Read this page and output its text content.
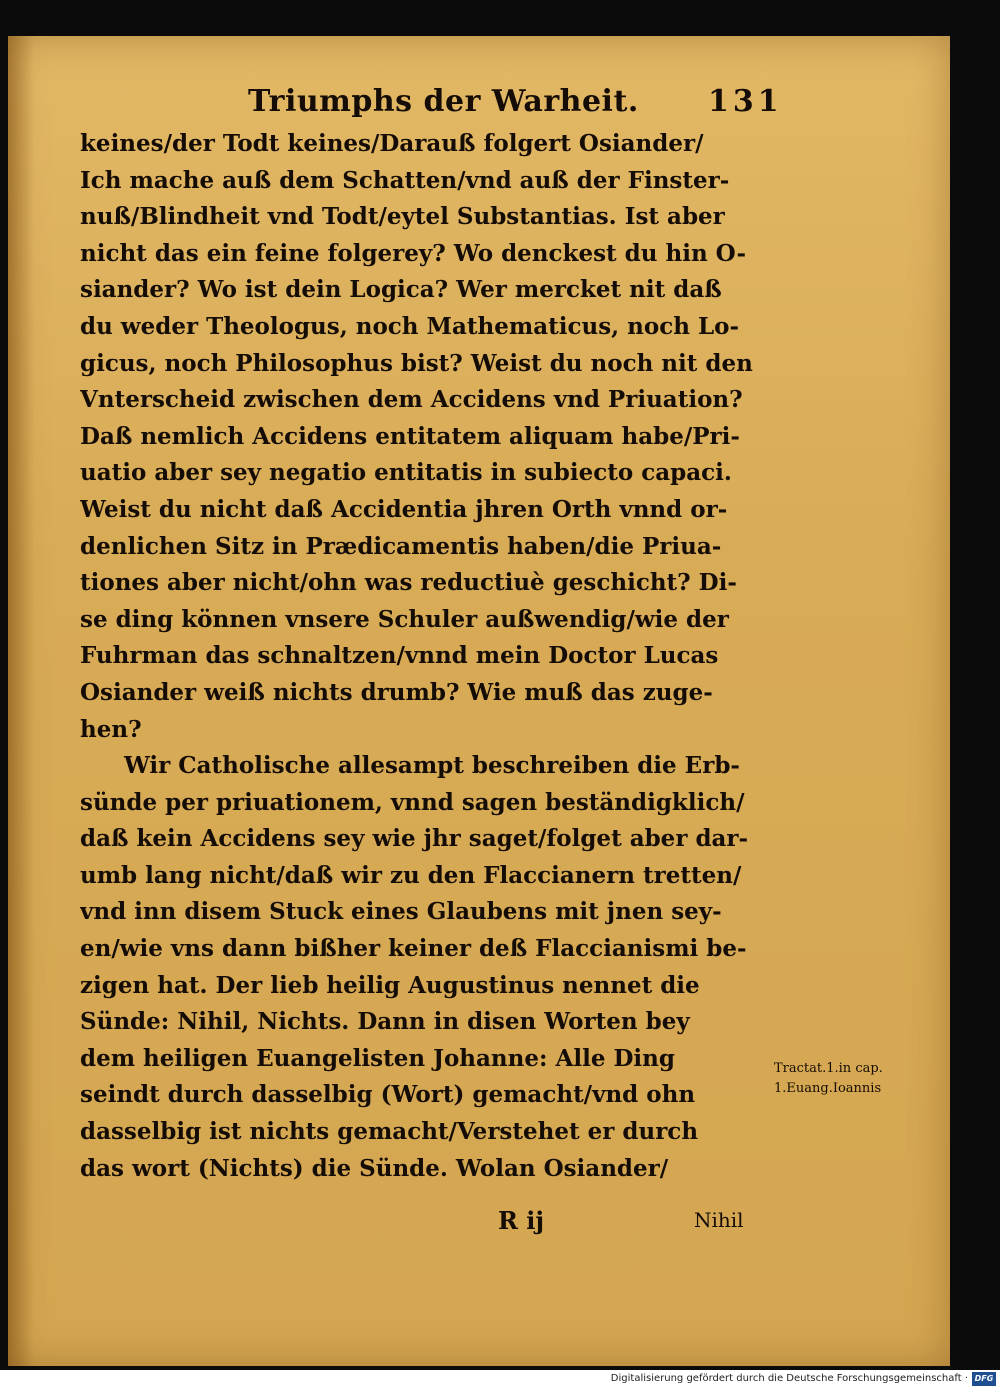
Triumphs der Warheit. 131
keines/der Todt keines/Darauß folgert Osiander/
Ich mache auß dem Schatten/vnd auß der Finster-
nuß/Blindheit vnd Todt/eytel Substantias. Ist aber
nicht das ein feine folgerey? Wo denckest du hin O-
siander? Wo ist dein Logica? Wer mercket nit daß
du weder Theologus, noch Mathematicus, noch Lo-
gicus, noch Philosophus bist? Weist du noch nit den
Vnterscheid zwischen dem Accidens vnd Priuation?
Daß nemlich Accidens entitatem aliquam habe/Pri-
uatio aber sey negatio entitatis in subiecto capaci.
Weist du nicht daß Accidentia jhren Orth vnnd or-
denlichen Sitz in Prædicamentis haben/die Priua-
tiones aber nicht/ohn was reductiuè geschicht? Di-
se ding können vnsere Schuler außwendig/wie der
Fuhrman das schnaltzen/vnnd mein Doctor Lucas
Osiander weiß nichts drumb? Wie muß das zuge-
hen?
Wir Catholische allesampt beschreiben die Erb-
sünde per priuationem, vnnd sagen beständigklich/
daß kein Accidens sey wie jhr saget/folget aber dar-
umb lang nicht/daß wir zu den Flaccianern tretten/
vnd inn disem Stuck eines Glaubens mit jnen sey-
en/wie vns dann bißher keiner deß Flaccianismi be-
zigen hat. Der lieb heilig Augustinus nennet die
Sünde: Nihil, Nichts. Dann in disen Worten bey
dem heiligen Euangelisten Johanne: Alle Ding
seindt durch dasselbig (Wort) gemacht/vnd ohn
dasselbig ist nichts gemacht/Verstehet er durch
das wort (Nichts) die Sünde. Wolan Osiander/
R ij	Nihil
Tractat.1.in cap.
1.Euang.Ioannis
Digitalisierung gefördert durch die Deutsche Forschungsgemeinschaft · DFG
